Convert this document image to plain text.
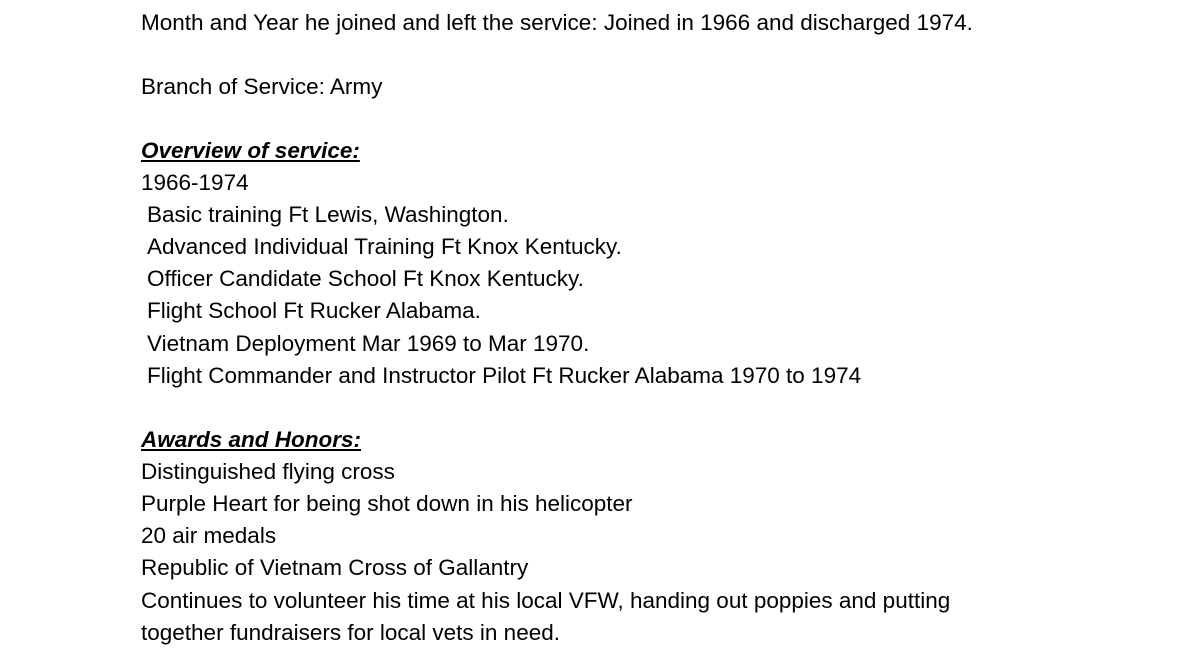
Month and Year he joined and left the service: Joined in 1966 and discharged 1974.
Branch of Service: Army
Overview of service:
1966-1974
Basic training Ft Lewis, Washington.
Advanced Individual Training Ft Knox Kentucky.
Officer Candidate School Ft Knox Kentucky.
Flight School Ft Rucker Alabama.
Vietnam Deployment Mar 1969 to Mar 1970.
Flight Commander and Instructor Pilot Ft Rucker Alabama 1970 to 1974
Awards and Honors:
Distinguished flying cross
Purple Heart for being shot down in his helicopter
20 air medals
Republic of Vietnam Cross of Gallantry
Continues to volunteer his time at his local VFW, handing out poppies and putting
together fundraisers for local vets in need.
